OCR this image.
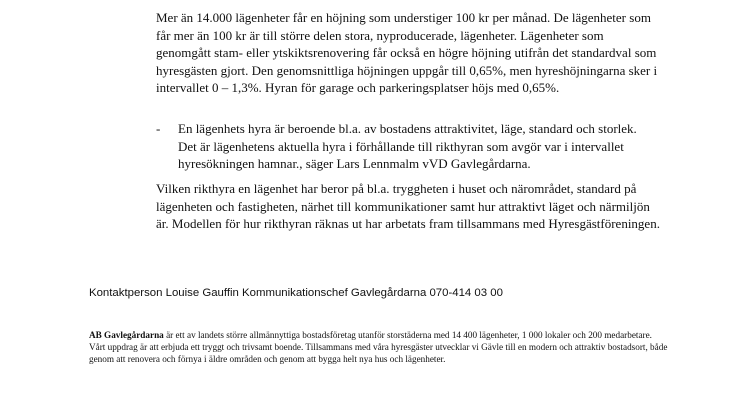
Mer än 14.000 lägenheter får en höjning som understiger 100 kr per månad. De lägenheter som får mer än 100 kr är till större delen stora, nyproducerade, lägenheter. Lägenheter som genomgått stam- eller ytskiktsrenovering får också en högre höjning utifrån det standardval som hyresgästen gjort. Den genomsnittliga höjningen uppgår till 0,65%, men hyreshöjningarna sker i intervallet 0 – 1,3%. Hyran för garage och parkeringsplatser höjs med 0,65%.

- En lägenhets hyra är beroende bl.a. av bostadens attraktivitet, läge, standard och storlek. Det är lägenhetens aktuella hyra i förhållande till rikthyran som avgör var i intervallet hyresökningen hamnar., säger Lars Lennmalm vVD Gavlegårdarna.

Vilken rikthyra en lägenhet har beror på bl.a. tryggheten i huset och närområdet, standard på lägenheten och fastigheten, närhet till kommunikationer samt hur attraktivt läget och närmiljön är. Modellen för hur rikthyran räknas ut har arbetats fram tillsammans med Hyresgästföreningen.

Kontaktperson Louise Gauffin Kommunikationschef Gavlegårdarna 070-414 03 00

AB Gavlegårdarna är ett av landets större allmännyttiga bostadsföretag utanför storstäderna med 14 400 lägenheter, 1 000 lokaler och 200 medarbetare. Vårt uppdrag är att erbjuda ett tryggt och trivsamt boende. Tillsammans med våra hyresgäster utvecklar vi Gävle till en modern och attraktiv bostadsort, både genom att renovera och förnya i äldre områden och genom att bygga helt nya hus och lägenheter.
